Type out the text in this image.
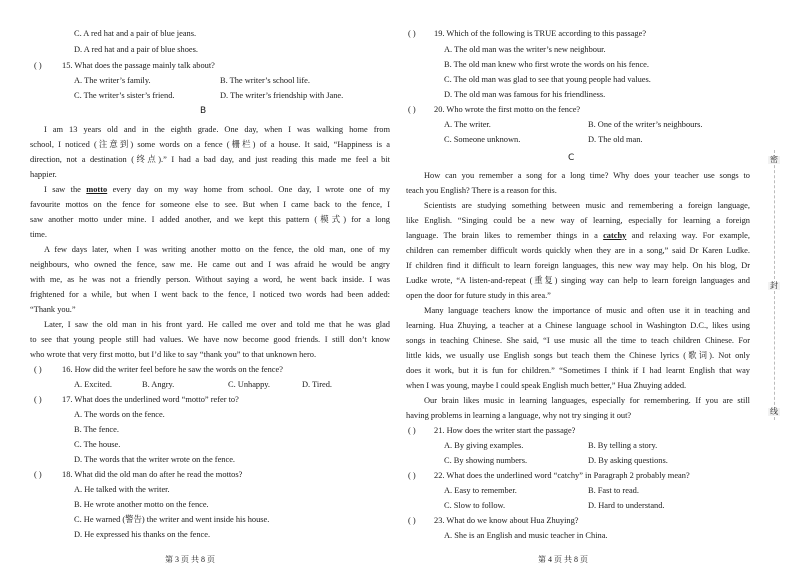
C. A red hat and a pair of blue jeans.
D. A red hat and a pair of blue shoes.
( ) 15. What does the passage mainly talk about?
A. The writer’s family.	B. The writer’s school life.
C. The writer’s sister’s friend.	D. The writer’s friendship with Jane.
B
I am 13 years old and in the eighth grade. One day, when I was walking home from
school, I noticed (注意到) some words on a fence (栅栏) of a house. It said, “Happiness is a
direction, not a destination (终点).” I had a bad day, and just reading this made me feel a bit
happier.
I saw the motto every day on my way home from school. One day, I wrote one of my
favourite mottos on the fence for someone else to see. But when I came back to the fence, I
saw another motto under mine. I added another, and we kept this pattern (模式) for a long
time.
A few days later, when I was writing another motto on the fence, the old man, one of my
neighbours, who owned the fence, saw me. He came out and I was afraid he would be angry
with me, as he was not a friendly person. Without saying a word, he went back inside. I was
frightened for a while, but when I went back to the fence, I noticed two words had been added:
“Thank you.”
Later, I saw the old man in his front yard. He called me over and told me that he was glad
to see that young people still had values. We have now become good friends. I still don’t know
who wrote that very first motto, but I’d like to say “thank you” to that unknown hero.
( ) 16. How did the writer feel before he saw the words on the fence?
A. Excited.	B. Angry.	C. Unhappy.	D. Tired.
( ) 17. What does the underlined word “motto” refer to?
A. The words on the fence.
B. The fence.
C. The house.
D. The words that the writer wrote on the fence.
( ) 18. What did the old man do after he read the mottos?
A. He talked with the writer.
B. He wrote another motto on the fence.
C. He warned (警告) the writer and went inside his house.
D. He expressed his thanks on the fence.
第 3 页 共 8 页
( ) 19. Which of the following is TRUE according to this passage?
A. The old man was the writer’s new neighbour.
B. The old man knew who first wrote the words on his fence.
C. The old man was glad to see that young people had values.
D. The old man was famous for his friendliness.
( ) 20. Who wrote the first motto on the fence?
A. The writer.	B. One of the writer’s neighbours.
C. Someone unknown.	D. The old man.
C
How can you remember a song for a long time? Why does your teacher use songs to
teach you English? There is a reason for this.
Scientists are studying something between music and remembering a foreign language,
like English. “Singing could be a new way of learning, especially for learning a foreign
language. The brain likes to remember things in a catchy and relaxing way. For example,
children can remember difficult words quickly when they are in a song,” said Dr Karen Ludke.
If children find it difficult to learn foreign languages, this new way may help. On his blog, Dr
Ludke wrote, “A listen-and-repeat (重复) singing way can help to learn foreign languages and
open the door for future study in this area.”
Many language teachers know the importance of music and often use it in teaching and
learning. Hua Zhuying, a teacher at a Chinese language school in Washington D.C., likes using
songs in teaching Chinese. She said, “I use music all the time to teach children Chinese. For
little kids, we usually use English songs but teach them the Chinese lyrics (歌词). Not only
does it work, but it is fun for children.” “Sometimes I think if I had learnt English that way
when I was young, maybe I could speak English much better,” Hua Zhuying added.
Our brain likes music in learning languages, especially for remembering. If you are still
having problems in learning a language, why not try singing it out?
( ) 21. How does the writer start the passage?
A. By giving examples.	B. By telling a story.
C. By showing numbers.	D. By asking questions.
( ) 22. What does the underlined word “catchy” in Paragraph 2 probably mean?
A. Easy to remember.	B. Fast to read.
C. Slow to follow.	D. Hard to understand.
( ) 23. What do we know about Hua Zhuying?
A. She is an English and music teacher in China.
第 4 页 共 8 页
密
封
线
